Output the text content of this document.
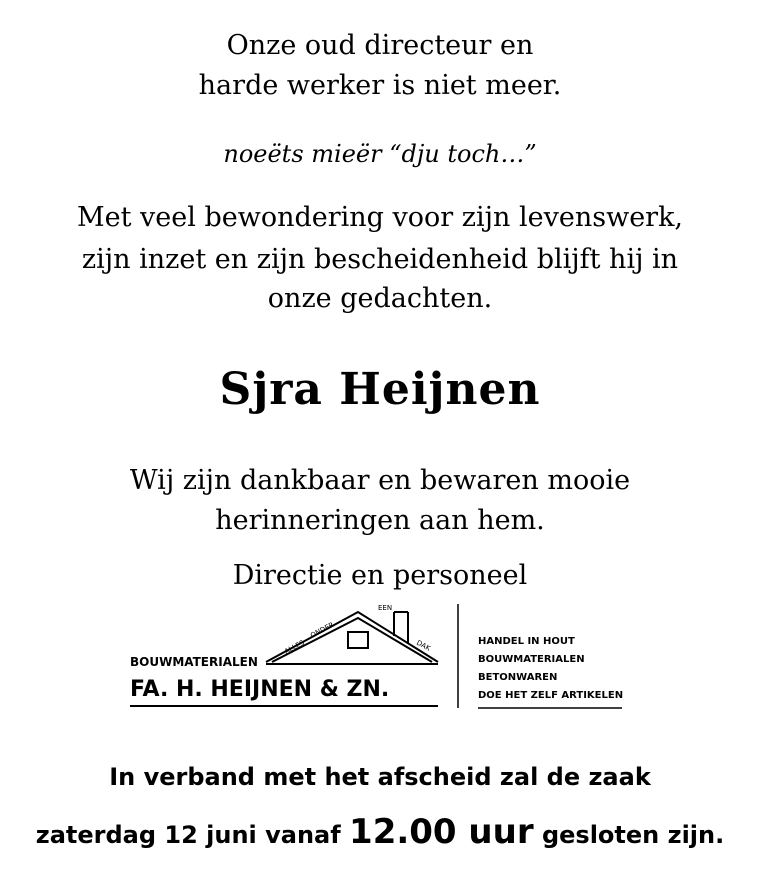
Onze oud directeur en
harde werker is niet meer.
noeëts mieër “dju toch…”
Met veel bewondering voor zijn levenswerk,
zijn inzet en zijn bescheidenheid blijft hij in
onze gedachten.
Sjra Heijnen
Wij zijn dankbaar en bewaren mooie
herinneringen aan hem.
Directie en personeel
ALLES
ONDER
EEN
DAK
BOUWMATERIALEN
FA. H. HEIJNEN & ZN.
HANDEL IN HOUT
BOUWMATERIALEN
BETONWAREN
DOE HET ZELF ARTIKELEN
In verband met het afscheid zal de zaak
zaterdag 12 juni vanaf 12.00 uur gesloten zijn.
